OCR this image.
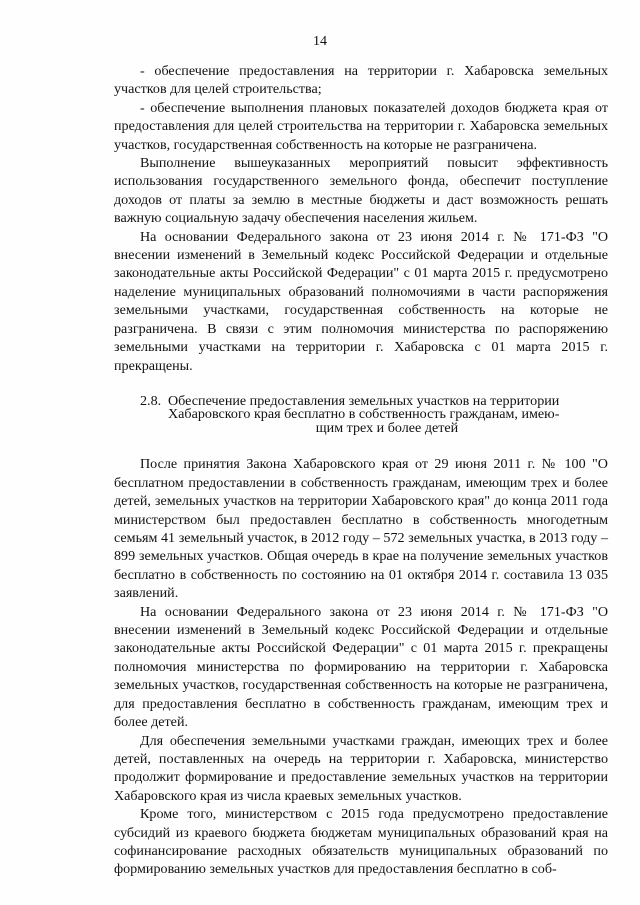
14

- обеспечение предоставления на территории г. Хабаровска земельных участков для целей строительства;

- обеспечение выполнения плановых показателей доходов бюджета края от предоставления для целей строительства на территории г. Хабаровска земельных участков, государственная собственность на которые не разграничена.

Выполнение вышеуказанных мероприятий повысит эффективность использования государственного земельного фонда, обеспечит поступление доходов от платы за землю в местные бюджеты и даст возможность решать важную социальную задачу обеспечения населения жильем.

На основании Федерального закона от 23 июня 2014 г. № 171-ФЗ "О внесении изменений в Земельный кодекс Российской Федерации и отдельные законодательные акты Российской Федерации" с 01 марта 2015 г. предусмотрено наделение муниципальных образований полномочиями в части распоряжения земельными участками, государственная собственность на которые не разграничена. В связи с этим полномочия министерства по распоряжению земельными участками на территории г. Хабаровска с 01 марта 2015 г. прекращены.

2.8. Обеспечение предоставления земельных участков на территории
Хабаровского края бесплатно в собственность гражданам, имею-
щим трех и более детей

После принятия Закона Хабаровского края от 29 июня 2011 г. № 100 "О бесплатном предоставлении в собственность гражданам, имеющим трех и более детей, земельных участков на территории Хабаровского края" до конца 2011 года министерством был предоставлен бесплатно в собственность многодетным семьям 41 земельный участок, в 2012 году – 572 земельных участка, в 2013 году – 899 земельных участков. Общая очередь в крае на получение земельных участков бесплатно в собственность по состоянию на 01 октября 2014 г. составила 13 035 заявлений.

На основании Федерального закона от 23 июня 2014 г. № 171-ФЗ "О внесении изменений в Земельный кодекс Российской Федерации и отдельные законодательные акты Российской Федерации" с 01 марта 2015 г. прекращены полномочия министерства по формированию на территории г. Хабаровска земельных участков, государственная собственность на которые не разграничена, для предоставления бесплатно в собственность гражданам, имеющим трех и более детей.

Для обеспечения земельными участками граждан, имеющих трех и более детей, поставленных на очередь на территории г. Хабаровска, министерство продолжит формирование и предоставление земельных участков на территории Хабаровского края из числа краевых земельных участков.

Кроме того, министерством с 2015 года предусмотрено предоставление субсидий из краевого бюджета бюджетам муниципальных образований края на софинансирование расходных обязательств муниципальных образований по формированию земельных участков для предоставления бесплатно в соб-
